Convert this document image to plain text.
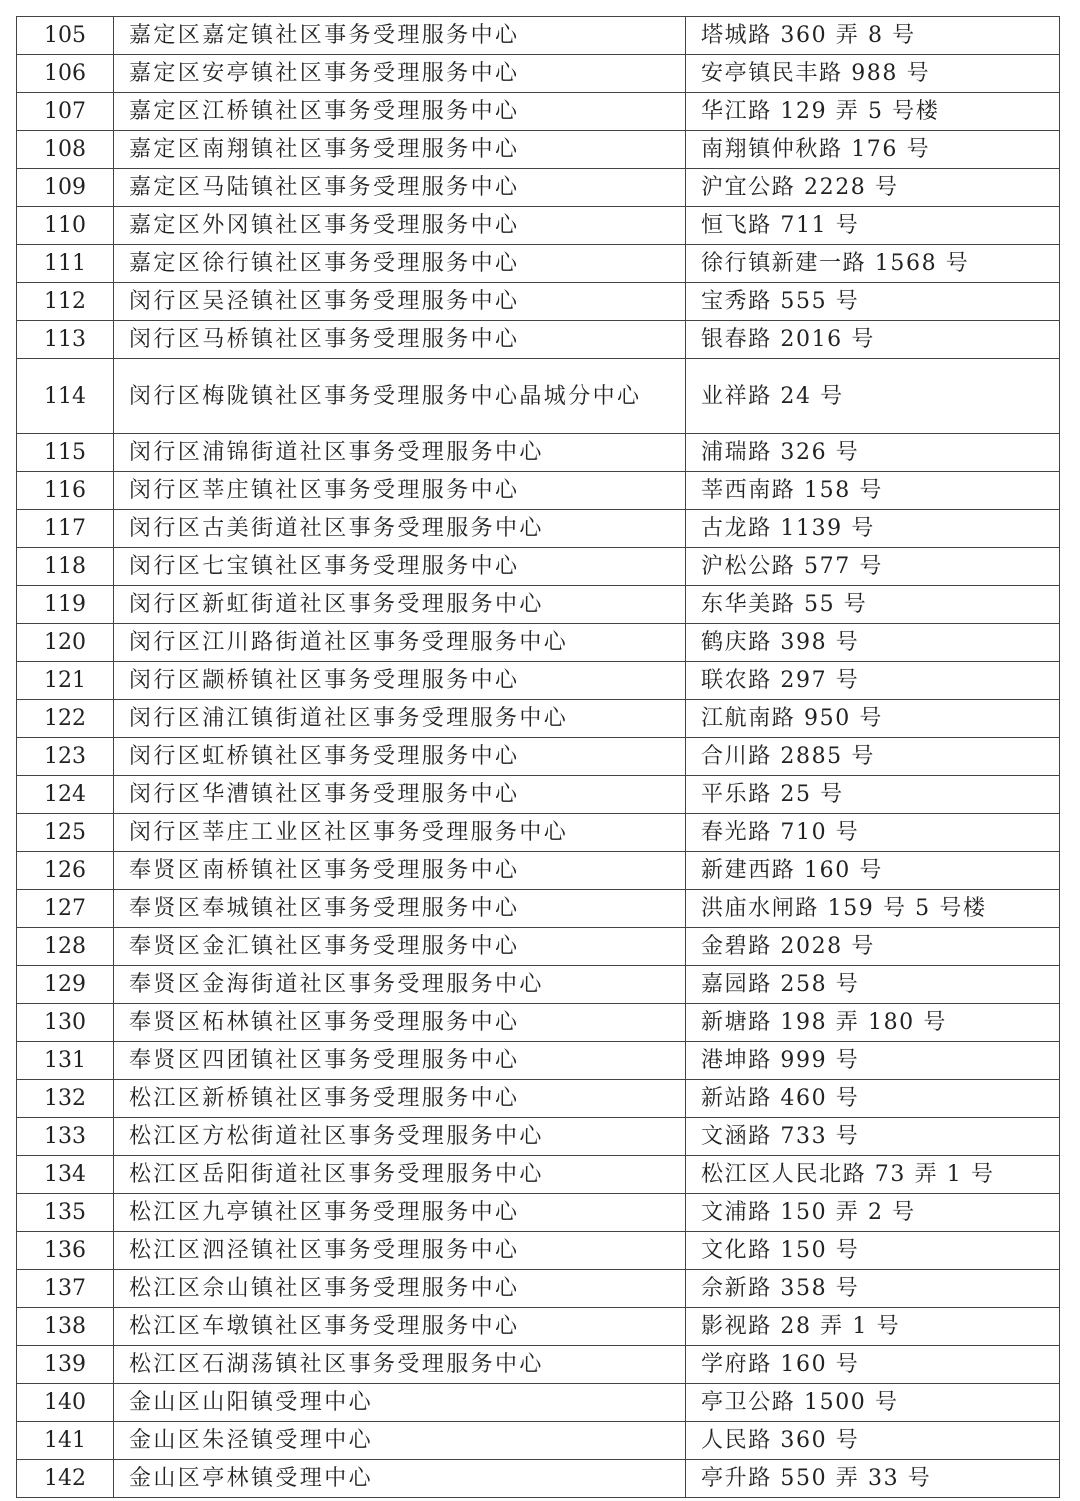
105	嘉定区嘉定镇社区事务受理服务中心	塔城路 360 弄 8 号
106	嘉定区安亭镇社区事务受理服务中心	安亭镇民丰路 988 号
107	嘉定区江桥镇社区事务受理服务中心	华江路 129 弄 5 号楼
108	嘉定区南翔镇社区事务受理服务中心	南翔镇仲秋路 176 号
109	嘉定区马陆镇社区事务受理服务中心	沪宜公路 2228 号
110	嘉定区外冈镇社区事务受理服务中心	恒飞路 711 号
111	嘉定区徐行镇社区事务受理服务中心	徐行镇新建一路 1568 号
112	闵行区吴泾镇社区事务受理服务中心	宝秀路 555 号
113	闵行区马桥镇社区事务受理服务中心	银春路 2016 号
114	闵行区梅陇镇社区事务受理服务中心晶城分中心	业祥路 24 号
115	闵行区浦锦街道社区事务受理服务中心	浦瑞路 326 号
116	闵行区莘庄镇社区事务受理服务中心	莘西南路 158 号
117	闵行区古美街道社区事务受理服务中心	古龙路 1139 号
118	闵行区七宝镇社区事务受理服务中心	沪松公路 577 号
119	闵行区新虹街道社区事务受理服务中心	东华美路 55 号
120	闵行区江川路街道社区事务受理服务中心	鹤庆路 398 号
121	闵行区颛桥镇社区事务受理服务中心	联农路 297 号
122	闵行区浦江镇街道社区事务受理服务中心	江航南路 950 号
123	闵行区虹桥镇社区事务受理服务中心	合川路 2885 号
124	闵行区华漕镇社区事务受理服务中心	平乐路 25 号
125	闵行区莘庄工业区社区事务受理服务中心	春光路 710 号
126	奉贤区南桥镇社区事务受理服务中心	新建西路 160 号
127	奉贤区奉城镇社区事务受理服务中心	洪庙水闸路 159 号 5 号楼
128	奉贤区金汇镇社区事务受理服务中心	金碧路 2028 号
129	奉贤区金海街道社区事务受理服务中心	嘉园路 258 号
130	奉贤区柘林镇社区事务受理服务中心	新塘路 198 弄 180 号
131	奉贤区四团镇社区事务受理服务中心	港坤路 999 号
132	松江区新桥镇社区事务受理服务中心	新站路 460 号
133	松江区方松街道社区事务受理服务中心	文涵路 733 号
134	松江区岳阳街道社区事务受理服务中心	松江区人民北路 73 弄 1 号
135	松江区九亭镇社区事务受理服务中心	文浦路 150 弄 2 号
136	松江区泗泾镇社区事务受理服务中心	文化路 150 号
137	松江区佘山镇社区事务受理服务中心	佘新路 358 号
138	松江区车墩镇社区事务受理服务中心	影视路 28 弄 1 号
139	松江区石湖荡镇社区事务受理服务中心	学府路 160 号
140	金山区山阳镇受理中心	亭卫公路 1500 号
141	金山区朱泾镇受理中心	人民路 360 号
142	金山区亭林镇受理中心	亭升路 550 弄 33 号
